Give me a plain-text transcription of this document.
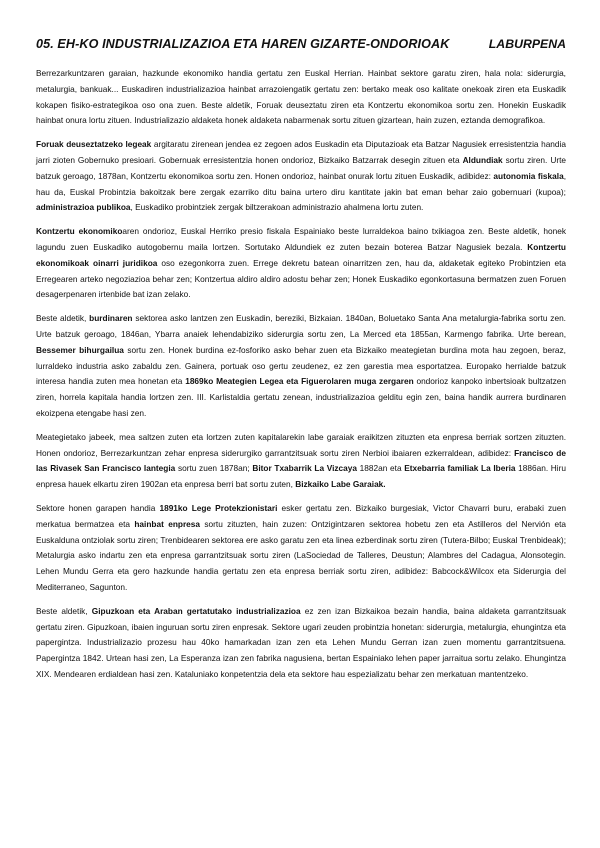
05. EH-KO INDUSTRIALIZAZIOA ETA HAREN GIZARTE-ONDORIOAK	LABURPENA

Berrezarkuntzaren garaian, hazkunde ekonomiko handia gertatu zen Euskal Herrian. Hainbat sektore garatu ziren, hala nola: siderurgia, metalurgia, bankuak... Euskadiren industrializazioa hainbat arrazoiengatik gertatu zen: bertako meak oso kalitate onekoak ziren eta Euskadik kokapen fisiko-estrategikoa oso ona zuen. Beste aldetik, Foruak deuseztatu ziren eta Kontzertu ekonomikoa sortu zen. Honekin Euskadik hainbat onura lortu zituen. Industrializazio aldaketa honek aldaketa nabarmenak sortu zituen gizartean, hain zuzen, eztanda demografikoa.

Foruak deuseztatzeko legeak argitaratu zirenean jendea ez zegoen ados Euskadin eta Diputazioak eta Batzar Nagusiek erresistentzia handia jarri zioten Gobernuko presioari. Gobernuak erresistentzia honen ondorioz, Bizkaiko Batzarrak desegin zituen eta Aldundiak sortu ziren. Urte batzuk geroago, 1878an, Kontzertu ekonomikoa sortu zen. Honen ondorioz, hainbat onurak lortu zituen Euskadik, adibidez: autonomia fiskala, hau da, Euskal Probintzia bakoitzak bere zergak ezarriko ditu baina urtero diru kantitate jakin bat eman behar zaio gobernuari (kupoa); administrazioa publikoa, Euskadiko probintziek zergak biltzerakoan administrazio ahalmena lortu zuten.

Kontzertu ekonomikoaren ondorioz, Euskal Herriko presio fiskala Espainiako beste lurraldekoa baino txikiagoa zen. Beste aldetik, honek lagundu zuen Euskadiko autogobernu maila lortzen. Sortutako Aldundiek ez zuten bezain boterea Batzar Nagusiek bezala. Kontzertu ekonomikoak oinarri juridikoa oso ezegonkorra zuen. Erregе dekretu batean oinarritzen zen, hau da, aldaketak egiteko Probintzien eta Erregearen arteko negoziazioa behar zen; Kontzertua aldiro aldiro adostu behar zen; Honek Euskadiko egonkortasuna bermatzen zuen Foruen desagerpenaren irtenbide bat izan zelako.

Beste aldetik, burdinaren sektorea asko lantzen zen Euskadin, bereziki, Bizkaian. 1840an, Boluetako Santa Ana metalurgia-fabrika sortu zen. Urte batzuk geroago, 1846an, Ybarra anaiek lehendabiziko siderurgia sortu zen, La Merced eta 1855an, Karmengo fabrika. Urte berean, Bessemer bihurgailua sortu zen. Honek burdina ez-fosforiko asko behar zuen eta Bizkaiko meategietan burdina mota hau zegoen, beraz, lurraldeko industria asko zabaldu zen. Gainera, portuak oso gertu zeudenez, ez zen garestia mea esportatzea. Europako herrialde batzuk interesa handia zuten mea honetan eta 1869ko Meategien Legea eta Figuerolaren muga zergaren ondorioz kanpoko inbertsioak bultzatzen ziren, horrela kapitala handia lortzen zen. III. Karlistaldia gertatu zenean, industrializazioa gelditu egin zen, baina handik aurrera burdinaren ekoizpena etengabe hasi zen.

Meategietako jabeek, mea saltzen zuten eta lortzen zuten kapitalarekin labe garaiak eraikitzen zituzten eta enpresa berriak sortzen zituzten. Honen ondorioz, Berrezarkuntzan zehar enpresa siderurgiko garrantzitsuak sortu ziren Nerbioi ibaiaren ezkerraldean, adibidez: Francisco de las Rivasek San Francisco lantegia sortu zuen 1878an; Bitor Txabarrik La Vizcaya 1882an eta Etxebarria familiak La Iberia 1886an. Hiru enpresa hauek elkartu ziren 1902an eta enpresa berri bat sortu zuten, Bizkaiko Labe Garaiak.

Sektore honen garapen handia 1891ko Lege Protekzionistari esker gertatu zen. Bizkaiko burgesiak, Victor Chavarri buru, erabaki zuen merkatua bermatzea eta hainbat enpresa sortu zituzten, hain zuzen: Ontzigintzaren sektorea hobetu zen eta Astilleros del Nervión eta Euskalduna ontziolak sortu ziren; Trenbidearen sektorea ere asko garatu zen eta linea ezberdinak sortu ziren (Tutera-Bilbo; Euskal Trenbideak); Metalurgia asko indartu zen eta enpresa garrantzitsuak sortu ziren (LaSociedad de Talleres, Deustun; Alambres del Cadagua, Alonsotegin. Lehen Mundu Gerra eta gero hazkunde handia gertatu zen eta enpresa berriak sortu ziren, adibidez: Babcock&Wilcox eta Siderurgia del Mediterraneo, Sagunton.

Beste aldetik, Gipuzkoan eta Araban gertatutako industrializazioa ez zen izan Bizkaikoa bezain handia, baina aldaketa garrantzitsuak gertatu ziren. Gipuzkoan, ibaien inguruan sortu ziren enpresak. Sektore ugari zeuden probintzia honetan: siderurgia, metalurgia, ehungintza eta papergintza. Industrializazio prozesu hau 40ko hamarkadan izan zen eta Lehen Mundu Gerran izan zuen momentu garrantzitsuena. Papergintza 1842. Urtean hasi zen, La Esperanza izan zen fabrika nagusiena, bertan Espainiako lehen paper jarraitua sortu zelako. Ehungintza XIX. Mendearen erdialdean hasi zen. Kataluniako konpetentzia dela eta sektore hau espezializatu behar zen merkatuan mantentzeko.
